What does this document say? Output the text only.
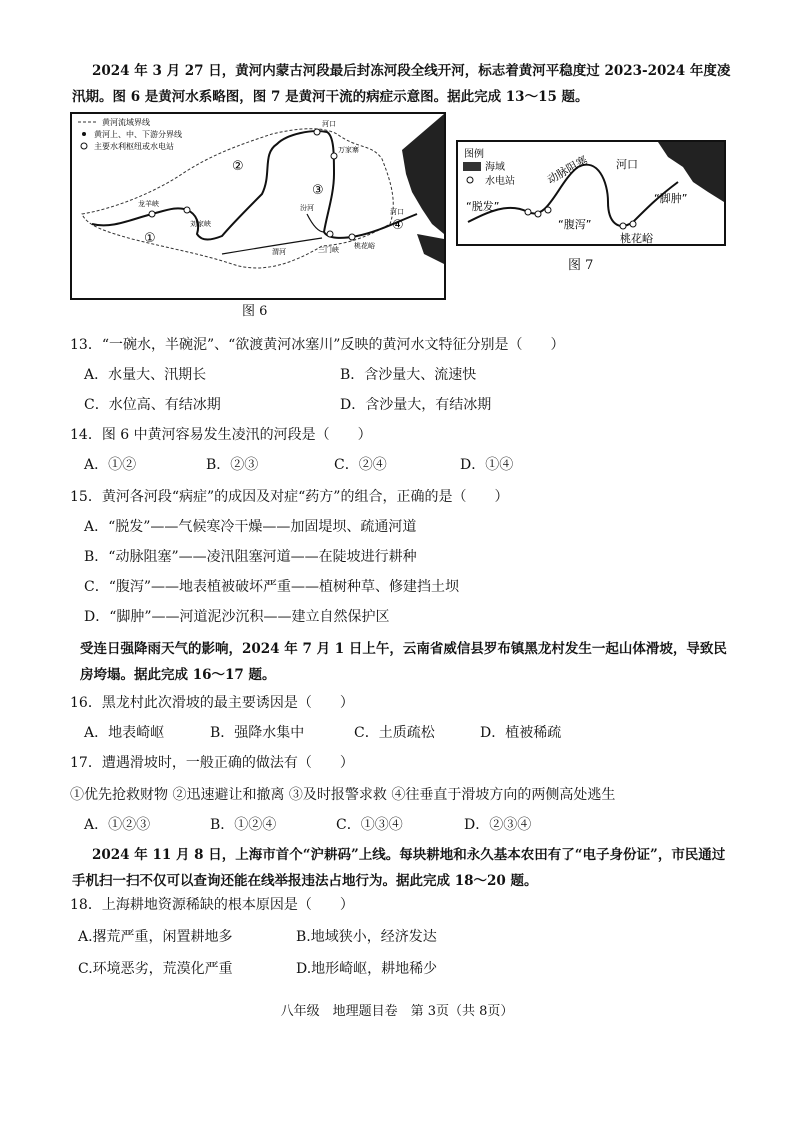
2024 年 3 月 27 日，黄河内蒙古河段最后封冻河段全线开河，标志着黄河平稳度过 2023-2024 年度凌汛期。图 6 是黄河水系略图，图 7 是黄河干流的病症示意图。据此完成 13～15 题。
黄河流域界线
黄河上、中、下游分界线
主要水利枢纽或水电站
①
②
③
④
河口
万家寨
龙羊峡
刘家峡
汾河
渭河	三门峡 桃花峪
河口
图 6
图例
海域
水电站	动脉阻塞 河口
“脱发”
“腹泻”
“脚肿”
桃花峪
图 7
13．“一碗水，半碗泥”、“欲渡黄河冰塞川”反映的黄河水文特征分别是（　　）
A．水量大、汛期长	B．含沙量大、流速快
C．水位高、有结冰期	D．含沙量大，有结冰期
14．图 6 中黄河容易发生凌汛的河段是（　　）
A．①②	B．②③	C．②④	D．①④
15．黄河各河段“病症”的成因及对症“药方”的组合，正确的是（　　）
A．“脱发”——气候寒冷干燥——加固堤坝、疏通河道
B．“动脉阻塞”——凌汛阻塞河道——在陡坡进行耕种
C．“腹泻”——地表植被破坏严重——植树种草、修建挡土坝
D．“脚肿”——河道泥沙沉积——建立自然保护区
受连日强降雨天气的影响，2024 年 7 月 1 日上午，云南省威信县罗布镇黑龙村发生一起山体滑坡，导致民房垮塌。据此完成 16～17 题。
16．黑龙村此次滑坡的最主要诱因是（　　）
A．地表崎岖	B．强降水集中	C．土质疏松	D．植被稀疏
17．遭遇滑坡时，一般正确的做法有（　　）
①优先抢救财物 ②迅速避让和撤离 ③及时报警求救 ④往垂直于滑坡方向的两侧高处逃生
A．①②③	B．①②④	C．①③④	D．②③④
2024 年 11 月 8 日，上海市首个“沪耕码”上线。每块耕地和永久基本农田有了“电子身份证”，市民通过手机扫一扫不仅可以查询还能在线举报违法占地行为。据此完成 18～20 题。
18．上海耕地资源稀缺的根本原因是（　　）
A.撂荒严重，闲置耕地多	B.地域狭小，经济发达
C.环境恶劣，荒漠化严重	D.地形崎岖，耕地稀少
八年级　地理题目卷　第 3页（共 8页）
